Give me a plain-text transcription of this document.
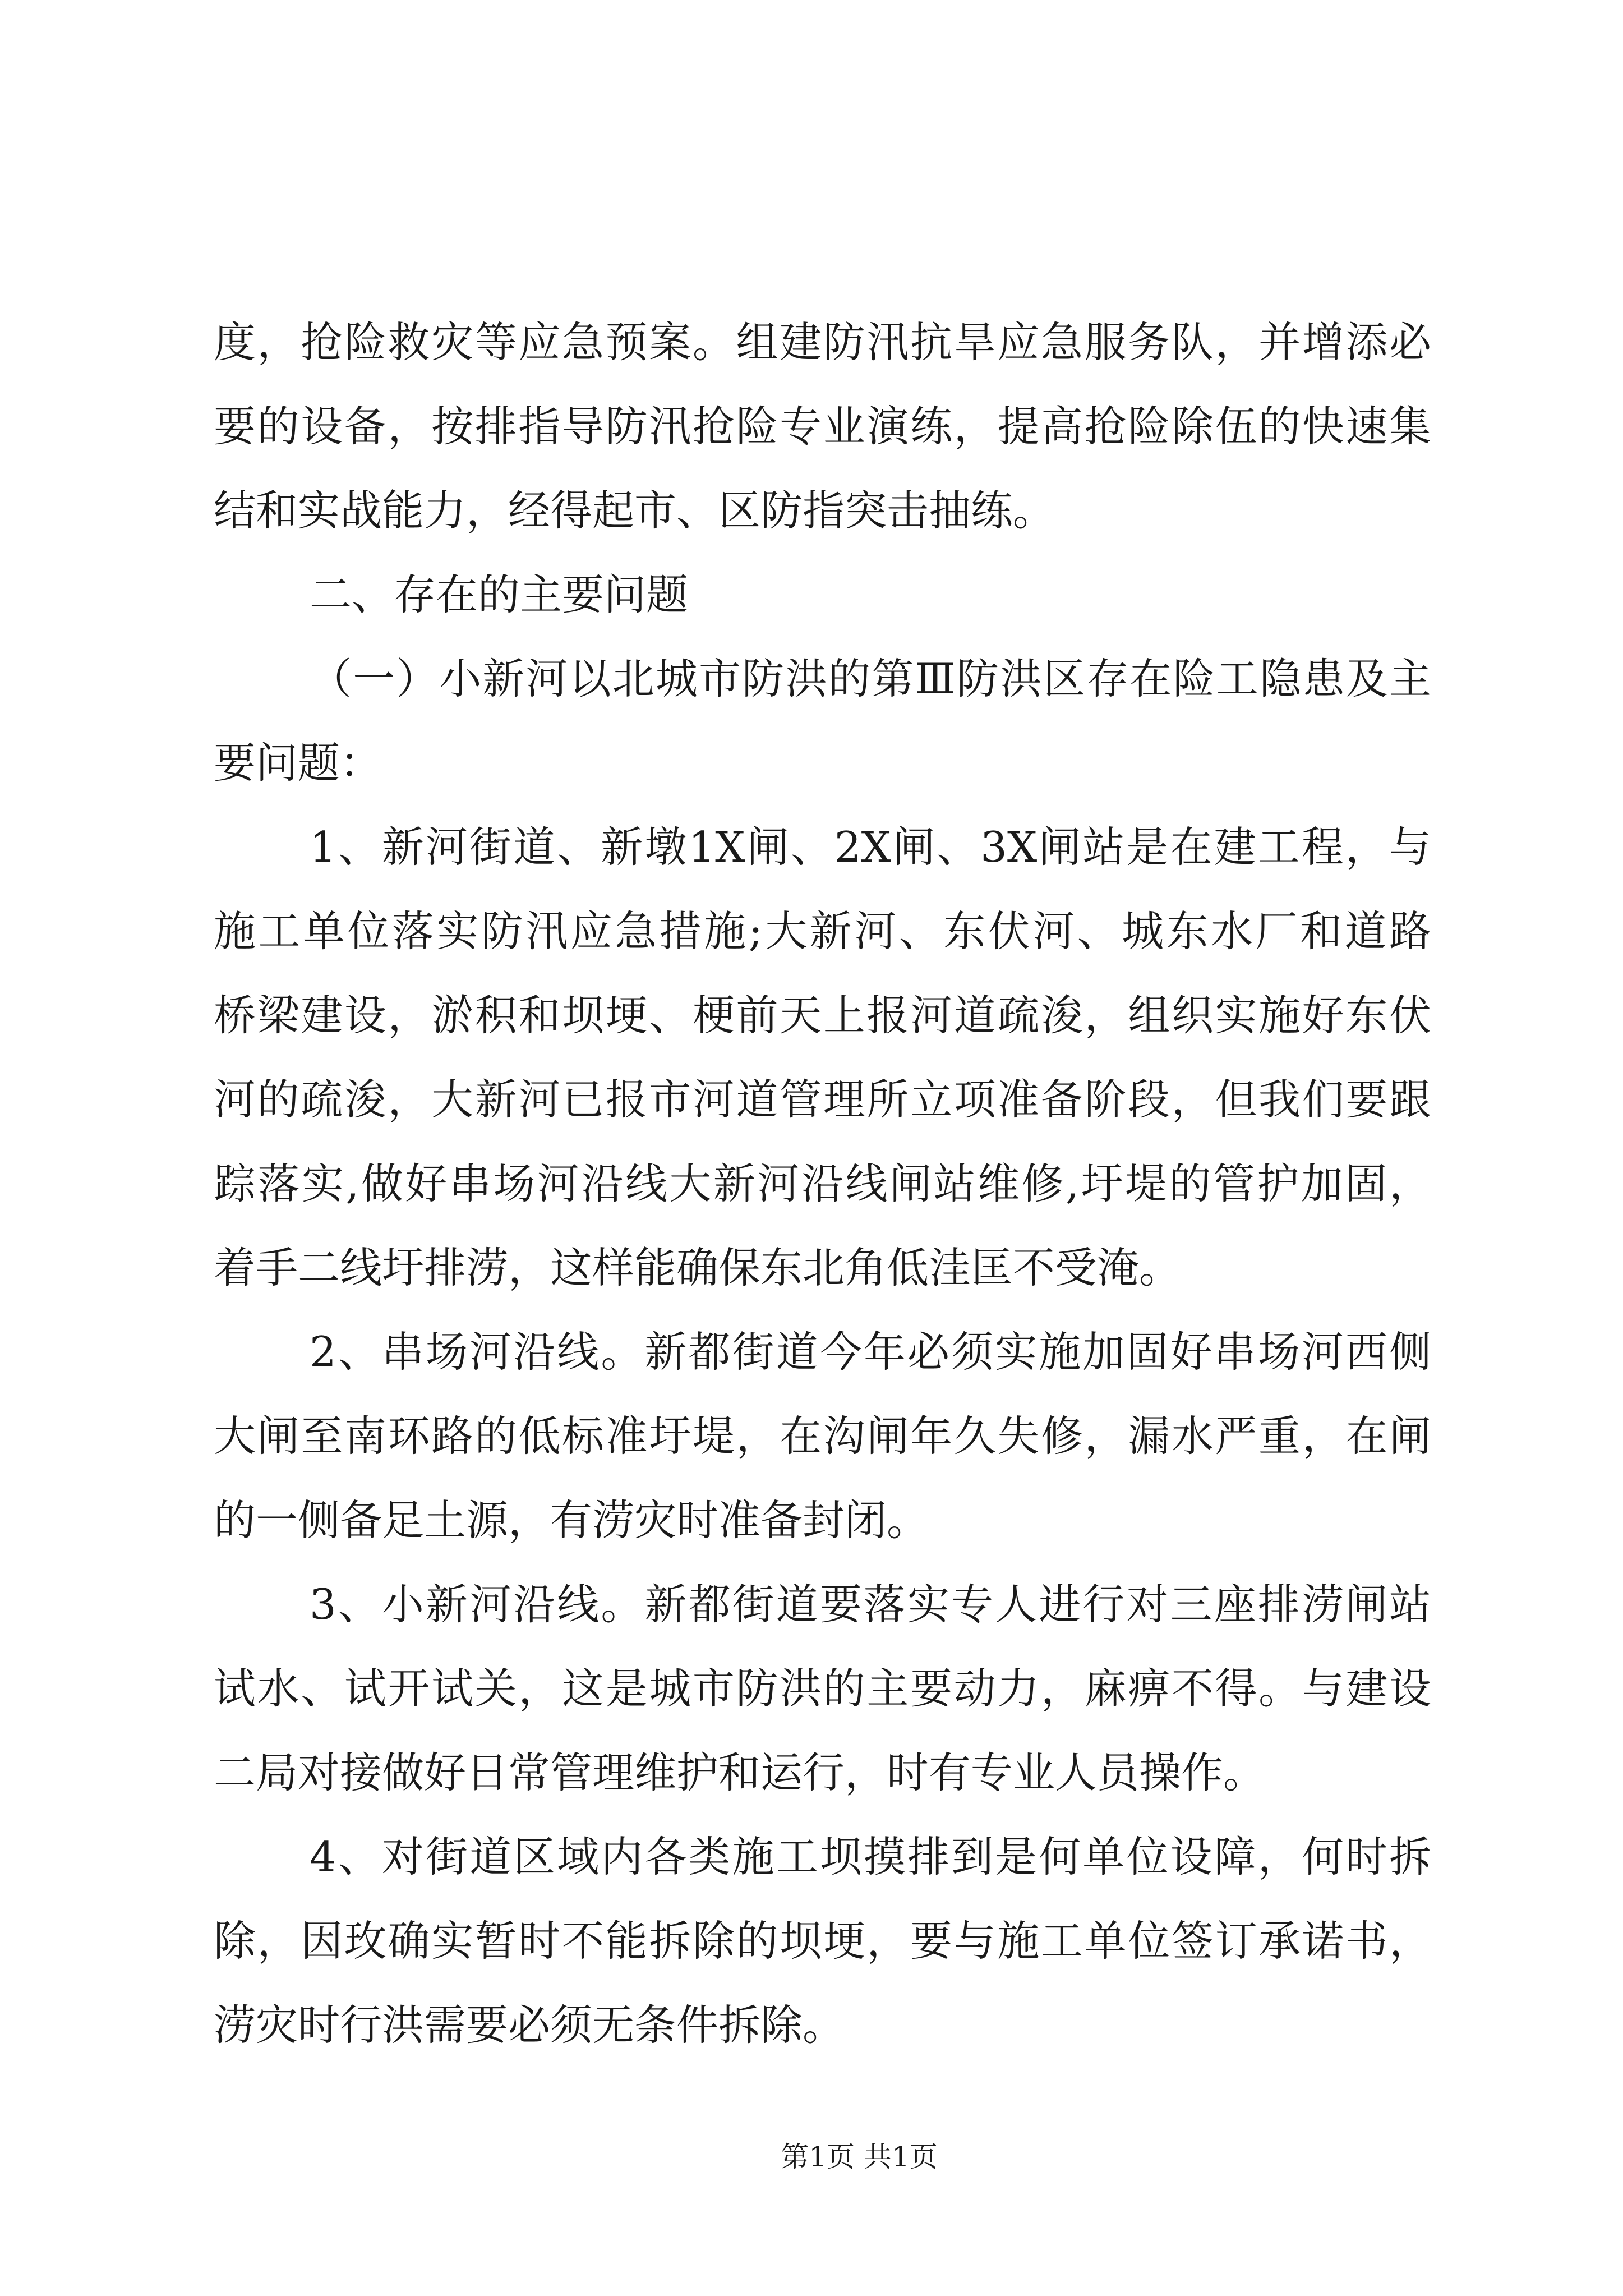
度，抢险救灾等应急预案。组建防汛抗旱应急服务队，并增添必
要的设备，按排指导防汛抢险专业演练，提高抢险除伍的快速集
结和实战能力，经得起市、区防指突击抽练。
二、存在的主要问题
（一）小新河以北城市防洪的第Ⅲ防洪区存在险工隐患及主
要问题：
1、新河街道、新墩1X闸、2X闸、3X闸站是在建工程，与
施工单位落实防汛应急措施;大新河、东伏河、城东水厂和道路
桥梁建设，淤积和坝埂、梗前天上报河道疏浚，组织实施好东伏
河的疏浚，大新河已报市河道管理所立项准备阶段，但我们要跟
踪落实,做好串场河沿线大新河沿线闸站维修,圩堤的管护加固，
着手二线圩排涝，这样能确保东北角低洼匡不受淹。
2、串场河沿线。新都街道今年必须实施加固好串场河西侧
大闸至南环路的低标准圩堤，在沟闸年久失修，漏水严重，在闸
的一侧备足土源，有涝灾时准备封闭。
3、小新河沿线。新都街道要落实专人进行对三座排涝闸站
试水、试开试关，这是城市防洪的主要动力，麻痹不得。与建设
二局对接做好日常管理维护和运行，时有专业人员操作。
4、对街道区域内各类施工坝摸排到是何单位设障，何时拆
除，因玫确实暂时不能拆除的坝埂，要与施工单位签订承诺书，
涝灾时行洪需要必须无条件拆除。
第1页 共1页
